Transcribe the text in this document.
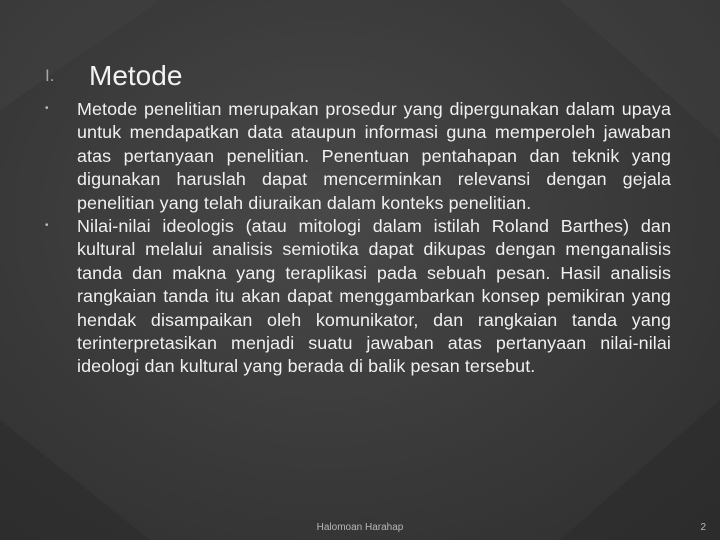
I. Metode
• Metode penelitian merupakan prosedur yang dipergunakan dalam upaya untuk mendapatkan data ataupun informasi guna memperoleh jawaban atas pertanyaan penelitian. Penentuan pentahapan dan teknik yang digunakan haruslah dapat mencerminkan relevansi dengan gejala penelitian yang telah diuraikan dalam konteks penelitian.
• Nilai-nilai ideologis (atau mitologi dalam istilah Roland Barthes) dan kultural melalui analisis semiotika dapat dikupas dengan menganalisis tanda dan makna yang teraplikasi pada sebuah pesan. Hasil analisis rangkaian tanda itu akan dapat menggambarkan konsep pemikiran yang hendak disampaikan oleh komunikator, dan rangkaian tanda yang terinterpretasikan menjadi suatu jawaban atas pertanyaan nilai-nilai ideologi dan kultural yang berada di balik pesan tersebut.
Halomoan Harahap	2
